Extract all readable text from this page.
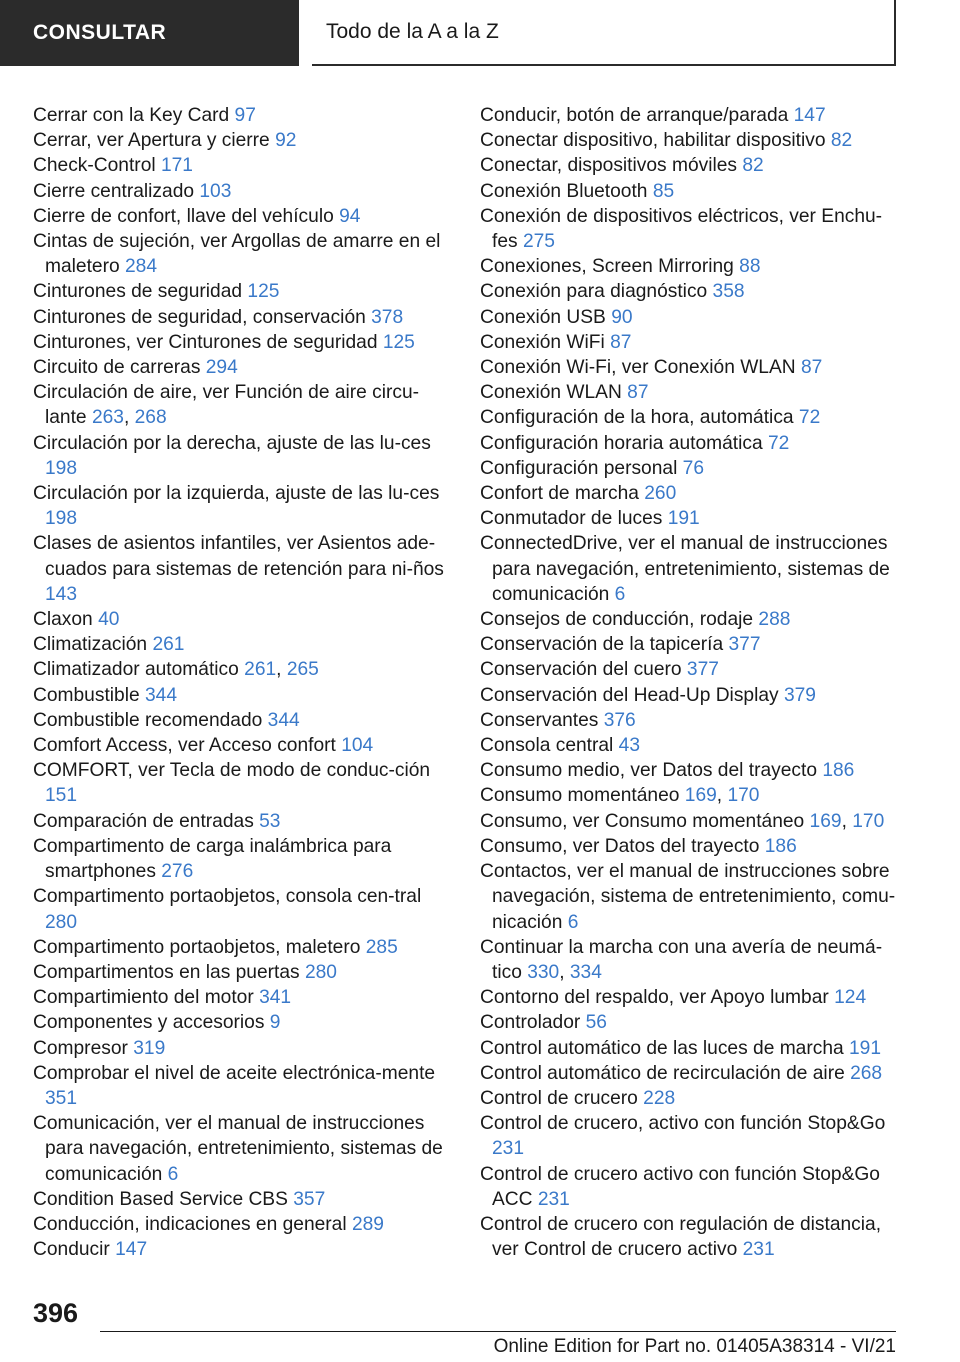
CONSULTAR	Todo de la A a la Z
Cerrar con la Key Card 97
Cerrar, ver Apertura y cierre 92
Check-Control 171
Cierre centralizado 103
Cierre de confort, llave del vehículo 94
Cintas de sujeción, ver Argollas de amarre en el maletero 284
Cinturones de seguridad 125
Cinturones de seguridad, conservación 378
Cinturones, ver Cinturones de seguridad 125
Circuito de carreras 294
Circulación de aire, ver Función de aire circu-lante 263, 268
Circulación por la derecha, ajuste de las lu-ces 198
Circulación por la izquierda, ajuste de las lu-ces 198
Clases de asientos infantiles, ver Asientos ade-cuados para sistemas de retención para ni-ños 143
Claxon 40
Climatización 261
Climatizador automático 261, 265
Combustible 344
Combustible recomendado 344
Comfort Access, ver Acceso confort 104
COMFORT, ver Tecla de modo de conduc-ción 151
Comparación de entradas 53
Compartimento de carga inalámbrica para smartphones 276
Compartimento portaobjetos, consola cen-tral 280
Compartimento portaobjetos, maletero 285
Compartimentos en las puertas 280
Compartimiento del motor 341
Componentes y accesorios 9
Compresor 319
Comprobar el nivel de aceite electrónica-mente 351
Comunicación, ver el manual de instrucciones para navegación, entretenimiento, sistemas de comunicación 6
Condition Based Service CBS 357
Conducción, indicaciones en general 289
Conducir 147
Conducir, botón de arranque/parada 147
Conectar dispositivo, habilitar dispositivo 82
Conectar, dispositivos móviles 82
Conexión Bluetooth 85
Conexión de dispositivos eléctricos, ver Enchu-fes 275
Conexiones, Screen Mirroring 88
Conexión para diagnóstico 358
Conexión USB 90
Conexión WiFi 87
Conexión Wi-Fi, ver Conexión WLAN 87
Conexión WLAN 87
Configuración de la hora, automática 72
Configuración horaria automática 72
Configuración personal 76
Confort de marcha 260
Conmutador de luces 191
ConnectedDrive, ver el manual de instrucciones para navegación, entretenimiento, sistemas de comunicación 6
Consejos de conducción, rodaje 288
Conservación de la tapicería 377
Conservación del cuero 377
Conservación del Head-Up Display 379
Conservantes 376
Consola central 43
Consumo medio, ver Datos del trayecto 186
Consumo momentáneo 169, 170
Consumo, ver Consumo momentáneo 169, 170
Consumo, ver Datos del trayecto 186
Contactos, ver el manual de instrucciones sobre navegación, sistema de entretenimiento, comu-nicación 6
Continuar la marcha con una avería de neumá-tico 330, 334
Contorno del respaldo, ver Apoyo lumbar 124
Controlador 56
Control automático de las luces de marcha 191
Control automático de recirculación de aire 268
Control de crucero 228
Control de crucero, activo con función Stop&Go 231
Control de crucero activo con función Stop&Go ACC 231
Control de crucero con regulación de distancia, ver Control de crucero activo 231
396
Online Edition for Part no. 01405A38314 - VI/21
